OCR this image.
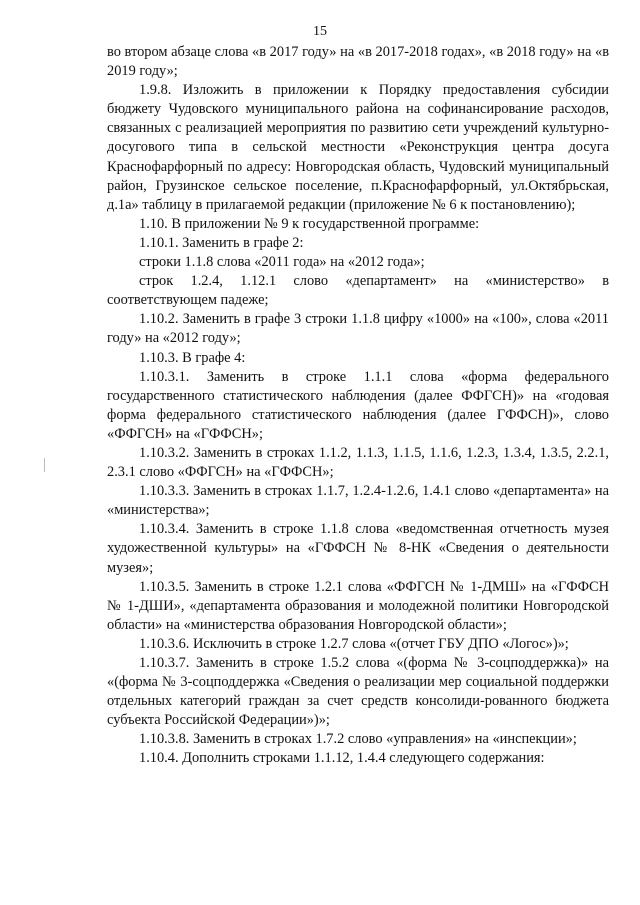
15

во втором абзаце слова «в 2017 году» на «в 2017-2018 годах», «в 2018 году» на «в 2019 году»;

1.9.8. Изложить в приложении к Порядку предоставления субсидии бюджету Чудовского муниципального района на софинансирование расходов, связанных с реализацией мероприятия по развитию сети учреждений культурно-досугового типа в сельской местности «Реконструкция центра досуга Краснофарфорный по адресу: Новгородская область, Чудовский муниципальный район, Грузинское сельское поселение, п.Краснофарфорный, ул.Октябрьская, д.1а» таблицу в прилагаемой редакции (приложение № 6 к постановлению);

1.10. В приложении № 9 к государственной программе:

1.10.1. Заменить в графе 2:

строки 1.1.8 слова «2011 года» на «2012 года»;

строк 1.2.4, 1.12.1 слово «департамент» на «министерство» в соответствующем падеже;

1.10.2. Заменить в графе 3 строки 1.1.8 цифру «1000» на «100», слова «2011 году» на «2012 году»;

1.10.3. В графе 4:

1.10.3.1. Заменить в строке 1.1.1 слова «форма федерального государственного статистического наблюдения (далее ФФГСН)» на «годовая форма федерального статистического наблюдения (далее ГФФСН)», слово «ФФГСН» на «ГФФСН»;

1.10.3.2. Заменить в строках 1.1.2, 1.1.3, 1.1.5, 1.1.6, 1.2.3, 1.3.4, 1.3.5, 2.2.1, 2.3.1 слово «ФФГСН» на «ГФФСН»;

1.10.3.3. Заменить в строках 1.1.7, 1.2.4-1.2.6, 1.4.1 слово «департамента» на «министерства»;

1.10.3.4. Заменить в строке 1.1.8 слова «ведомственная отчетность музея художественной культуры» на «ГФФСН № 8-НК «Сведения о деятельности музея»;

1.10.3.5. Заменить в строке 1.2.1 слова «ФФГСН № 1-ДМШ» на «ГФФСН № 1-ДШИ», «департамента образования и молодежной политики Новгородской области» на «министерства образования Новгородской области»;

1.10.3.6. Исключить в строке 1.2.7 слова «(отчет ГБУ ДПО «Логос»)»;

1.10.3.7. Заменить в строке 1.5.2 слова «(форма № 3-соцподдержка)» на «(форма № 3-соцподдержка «Сведения о реализации мер социальной поддержки отдельных категорий граждан за счет средств консолиди-рованного бюджета субъекта Российской Федерации»)»;

1.10.3.8. Заменить в строках 1.7.2 слово «управления» на «инспекции»;

1.10.4. Дополнить строками 1.1.12, 1.4.4 следующего содержания:
